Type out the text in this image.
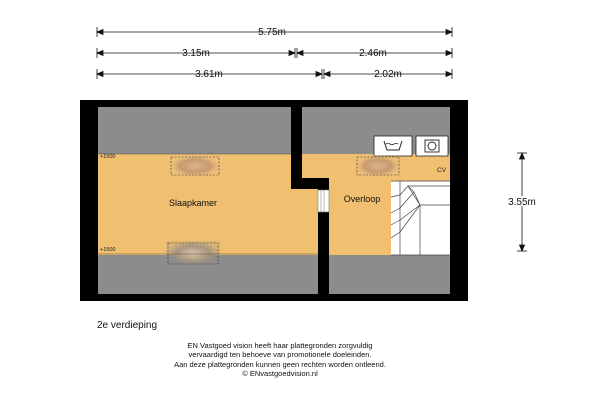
5.75m
3.15m	2.46m
3.61m	2.02m
3.55m
+1500
+1500
CV
Slaapkamer	Overloop
2e verdieping
EN Vastgoed vision heeft haar plattegronden zorgvuldig
vervaardigd ten behoeve van promotionele doeleinden.
Aan deze plattegronden kunnen geen rechten worden ontleend.
© ENvastgoedvision.nl
